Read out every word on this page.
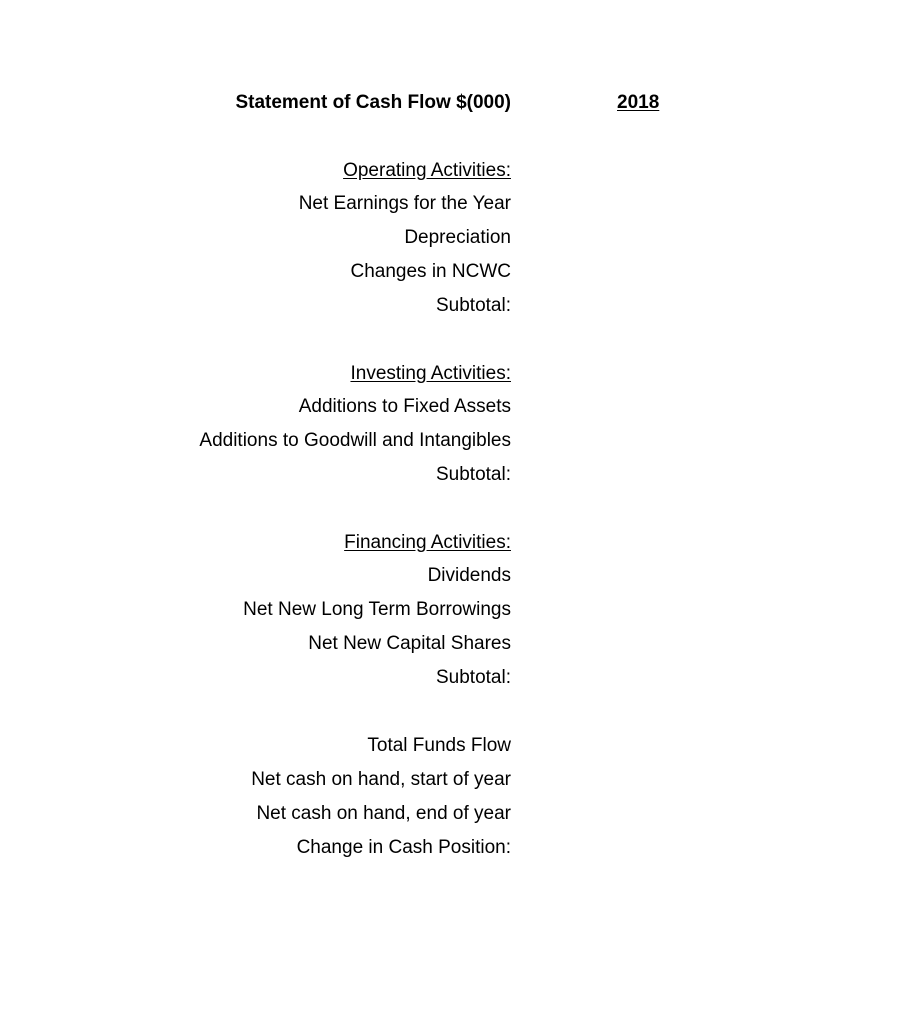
Statement of Cash Flow $(000)	2018
Operating Activities:
Net Earnings for the Year
Depreciation
Changes in NCWC
Subtotal:
Investing Activities:
Additions to Fixed Assets
Additions to Goodwill and Intangibles
Subtotal:
Financing Activities:
Dividends
Net New Long Term Borrowings
Net New Capital Shares
Subtotal:
Total Funds Flow
Net cash on hand, start of year
Net cash on hand, end of year
Change in Cash Position:
